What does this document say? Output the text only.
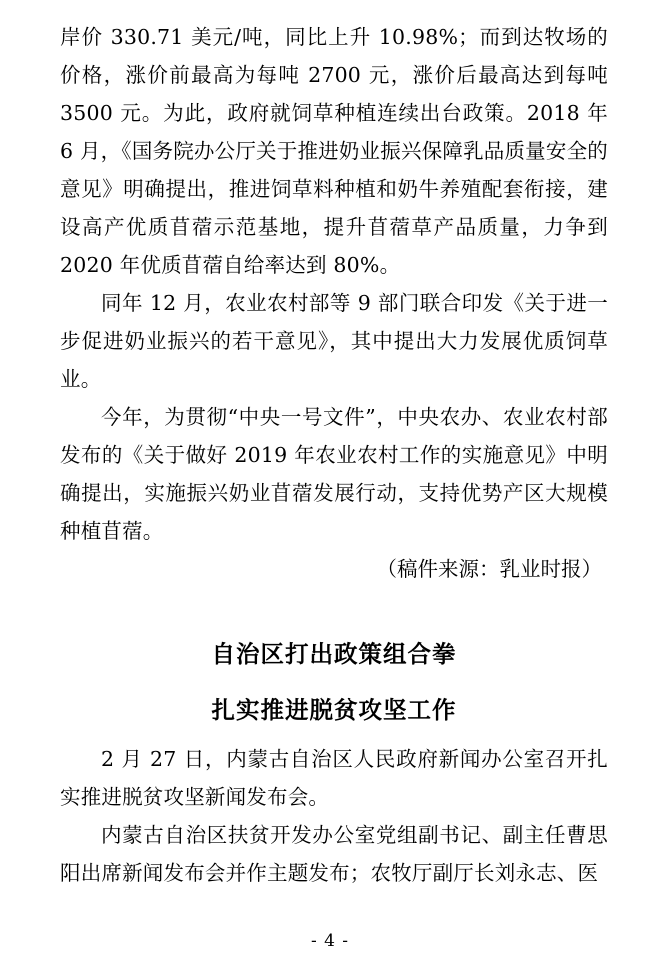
岸价 330.71 美元/吨，同比上升 10.98%；而到达牧场的价格，涨价前最高为每吨 2700 元，涨价后最高达到每吨 3500 元。为此，政府就饲草种植连续出台政策。2018 年 6 月，《国务院办公厅关于推进奶业振兴保障乳品质量安全的意见》明确提出，推进饲草料种植和奶牛养殖配套衔接，建设高产优质苜蓿示范基地，提升苜蓿草产品质量，力争到 2020 年优质苜蓿自给率达到 80%。

同年 12 月，农业农村部等 9 部门联合印发《关于进一步促进奶业振兴的若干意见》，其中提出大力发展优质饲草业。

今年，为贯彻“中央一号文件”，中央农办、农业农村部发布的《关于做好 2019 年农业农村工作的实施意见》中明确提出，实施振兴奶业苜蓿发展行动，支持优势产区大规模种植苜蓿。

（稿件来源：乳业时报）

自治区打出政策组合拳
扎实推进脱贫攻坚工作

2 月 27 日，内蒙古自治区人民政府新闻办公室召开扎实推进脱贫攻坚新闻发布会。

内蒙古自治区扶贫开发办公室党组副书记、副主任曹思阳出席新闻发布会并作主题发布；农牧厅副厅长刘永志、医

- 4 -
